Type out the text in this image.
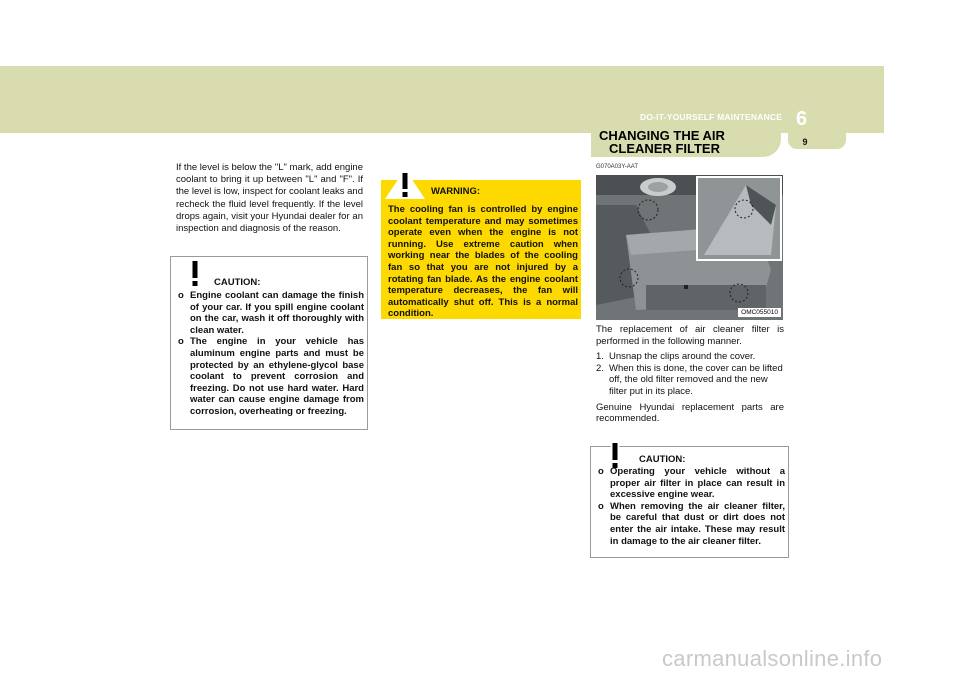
DO-IT-YOURSELF MAINTENANCE 6
9
If the level is below the "L" mark, add engine coolant to bring it up between "L" and "F". If the level is low, inspect for coolant leaks and recheck the fluid level frequently. If the level drops again, visit your Hyundai dealer for an inspection and diagnosis of the reason.
CAUTION:
o Engine coolant can damage the finish of your car. If you spill engine coolant on the car, wash it off thoroughly with clean water.
o The engine in your vehicle has aluminum engine parts and must be protected by an ethylene-glycol base coolant to prevent corrosion and freezing. Do not use hard water. Hard water can cause engine damage from corrosion, overheating or freezing.
WARNING:
The cooling fan is controlled by engine coolant temperature and may sometimes operate even when the engine is not running. Use extreme caution when working near the blades of the cooling fan so that you are not injured by a rotating fan blade. As the engine coolant temperature decreases, the fan will automatically shut off. This is a normal condition.
CHANGING THE AIR
CLEANER FILTER
G070A03Y-AAT
OMC055010

The replacement of air cleaner filter is performed in the following manner.

1. Unsnap the clips around the cover.
2. When this is done, the cover can be lifted off, the old filter removed and the new filter put in its place.

Genuine Hyundai replacement parts are recommended.

CAUTION:
o Operating your vehicle without a proper air filter in place can result in excessive engine wear.
o When removing the air cleaner filter, be careful that dust or dirt does not enter the air intake. These may result in damage to the air cleaner filter.
carmanualsonline.info
